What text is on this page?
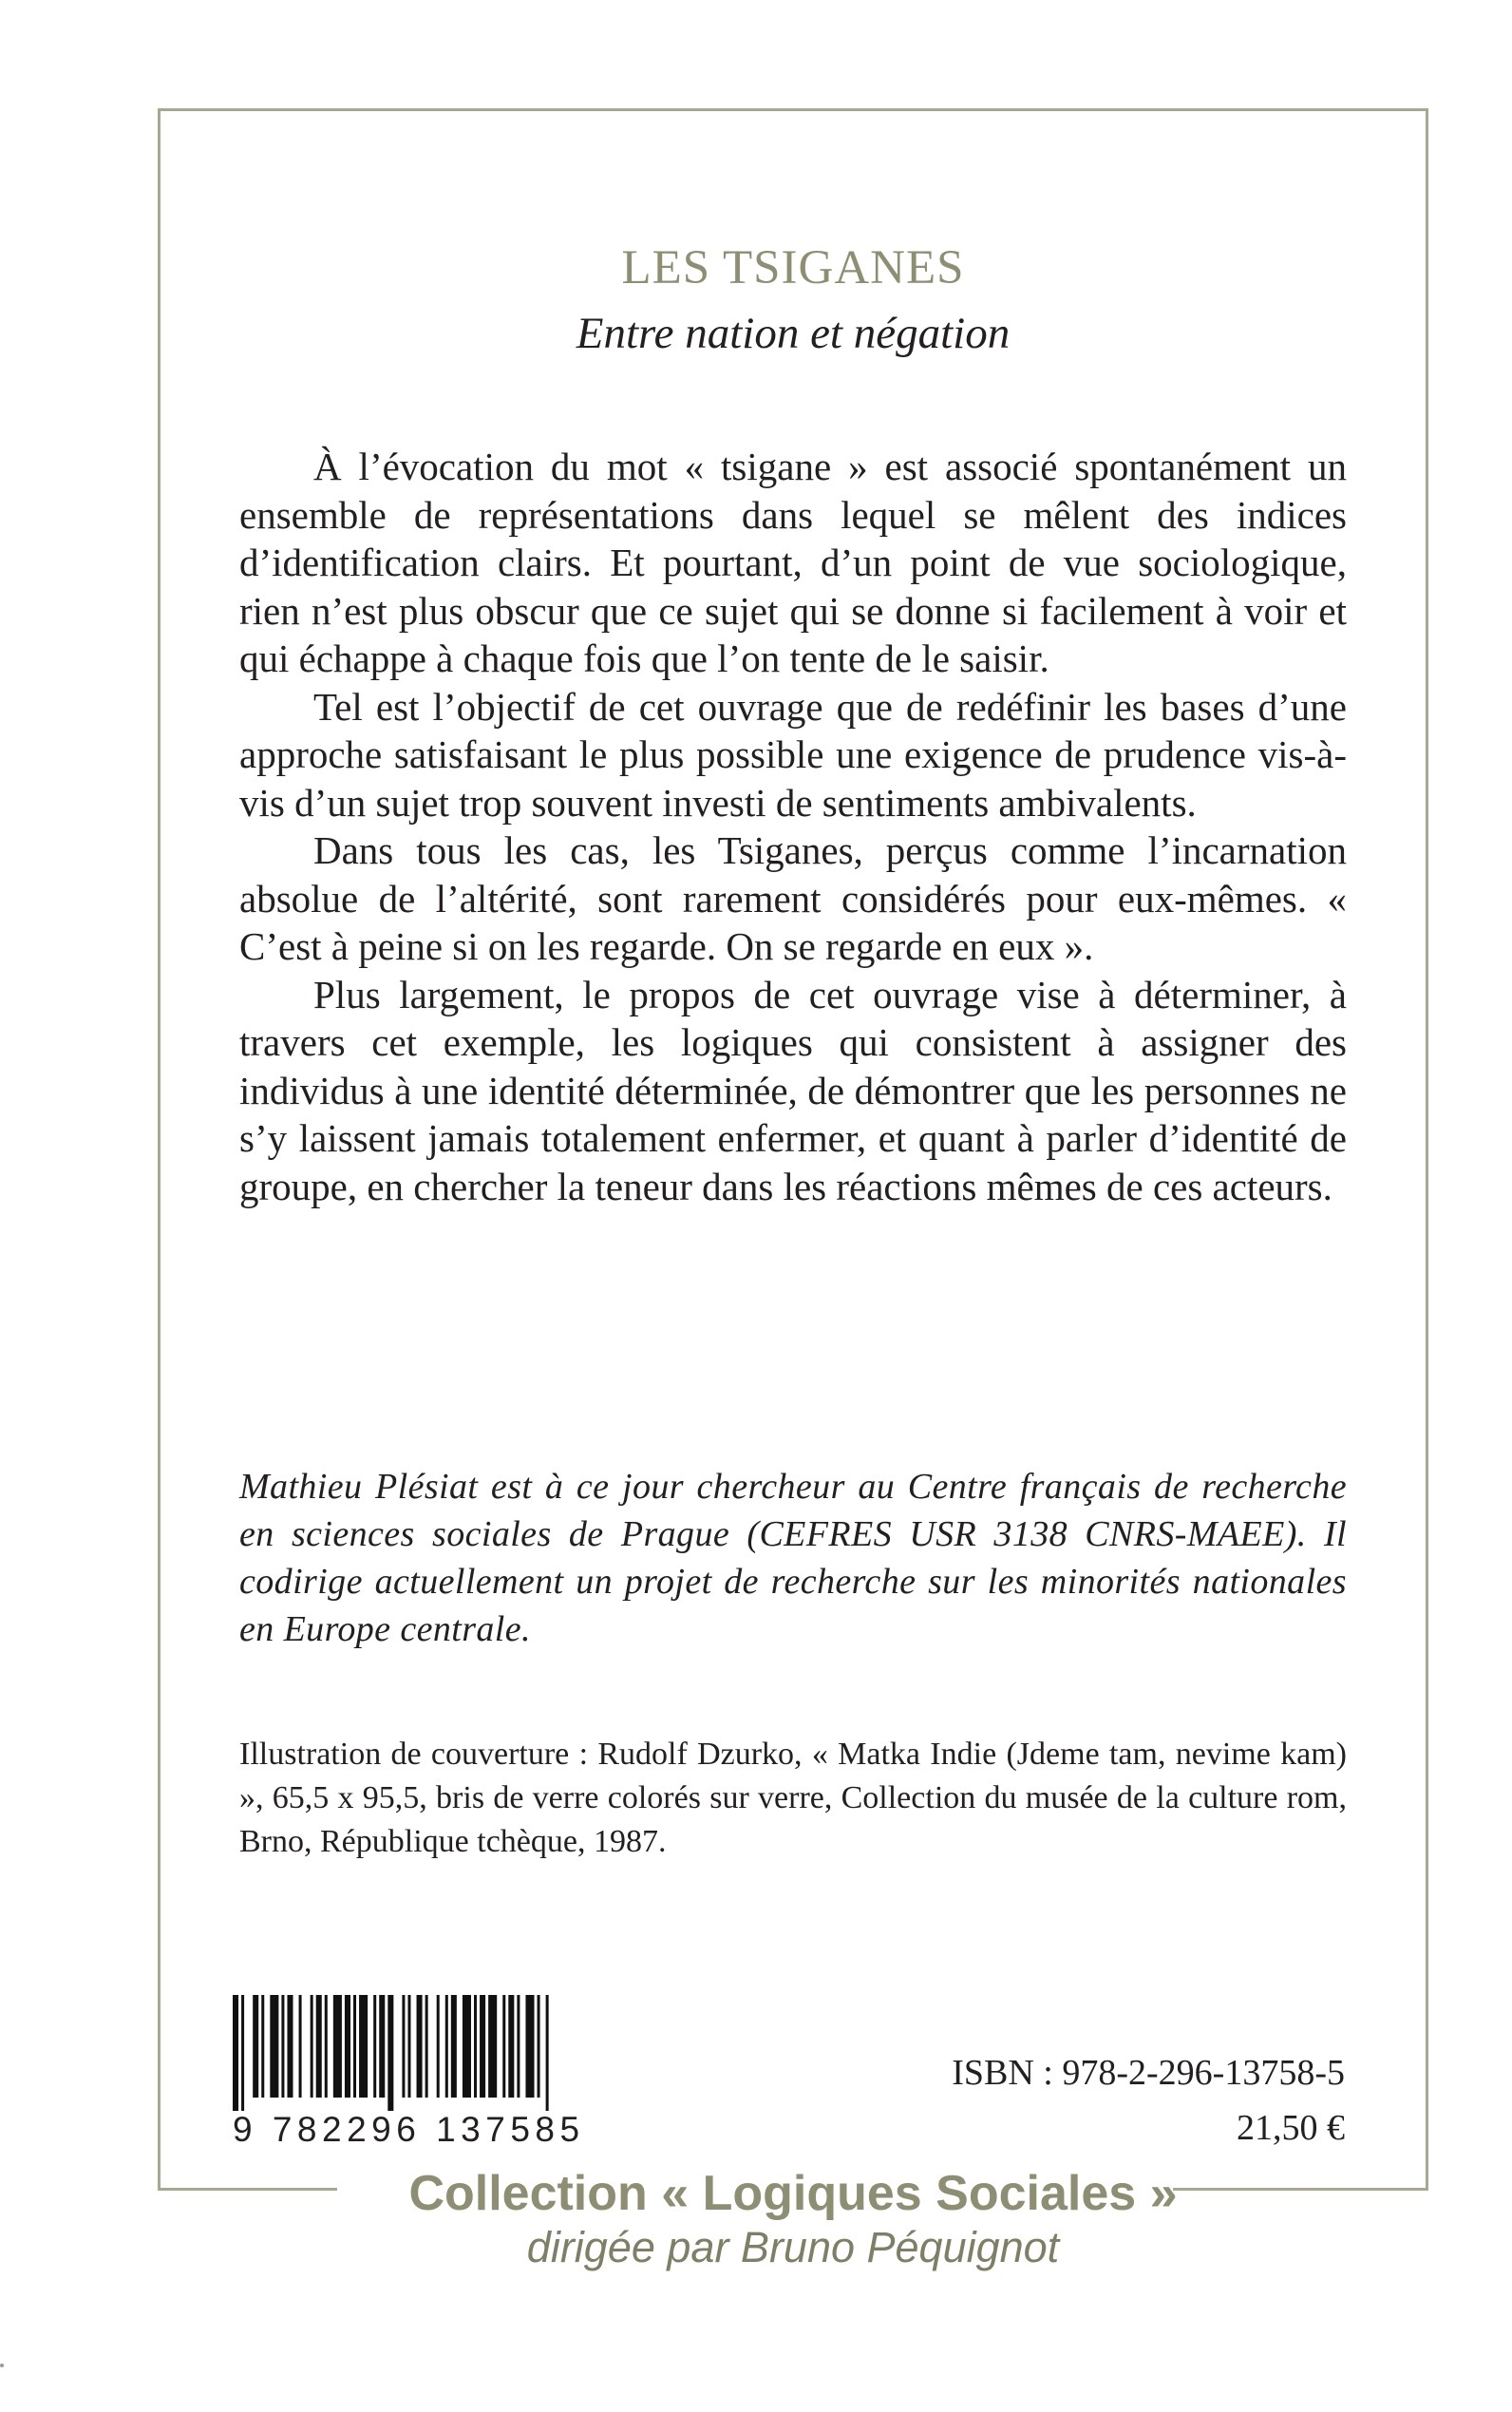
LES TSIGANES
Entre nation et négation

À l’évocation du mot « tsigane » est associé spontanément un ensemble de représentations dans lequel se mêlent des indices d’identification clairs. Et pourtant, d’un point de vue sociologique, rien n’est plus obscur que ce sujet qui se donne si facilement à voir et qui échappe à chaque fois que l’on tente de le saisir.

Tel est l’objectif de cet ouvrage que de redéfinir les bases d’une approche satisfaisant le plus possible une exigence de prudence vis-à-vis d’un sujet trop souvent investi de sentiments ambivalents.

Dans tous les cas, les Tsiganes, perçus comme l’incarnation absolue de l’altérité, sont rarement considérés pour eux-mêmes. « C’est à peine si on les regarde. On se regarde en eux ».

Plus largement, le propos de cet ouvrage vise à déterminer, à travers cet exemple, les logiques qui consistent à assigner des individus à une identité déterminée, de démontrer que les personnes ne s’y laissent jamais totalement enfermer, et quant à parler d’identité de groupe, en chercher la teneur dans les réactions mêmes de ces acteurs.

Mathieu Plésiat est à ce jour chercheur au Centre français de recherche en sciences sociales de Prague (CEFRES USR 3138 CNRS-MAEE). Il codirige actuellement un projet de recherche sur les minorités nationales en Europe centrale.

Illustration de couverture : Rudolf Dzurko, « Matka Indie (Jdeme tam, nevime kam) », 65,5 x 95,5, bris de verre colorés sur verre, Collection du musée de la culture rom, Brno, République tchèque, 1987.

9 782296 137585
ISBN : 978-2-296-13758-5
21,50 €
Collection « Logiques Sociales »
dirigée par Bruno Péquignot
